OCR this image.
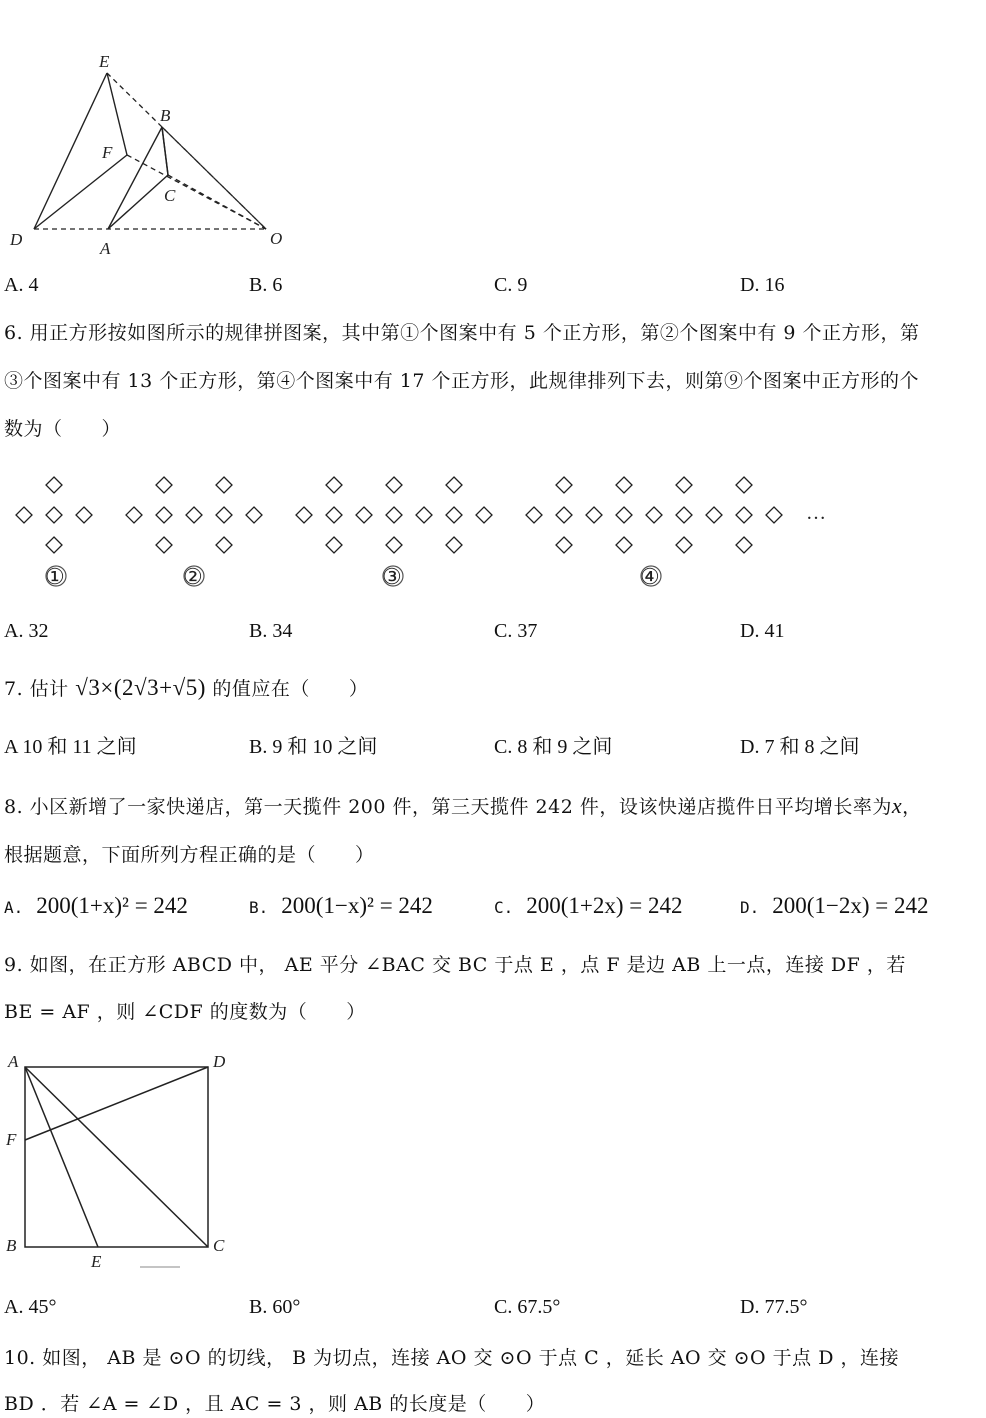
E
B
F
C
D	A
O
A. 4	B. 6	C. 9	D. 16
6. 用正方形按如图所示的规律拼图案，其中第①个图案中有 5 个正方形，第②个图案中有 9 个正方形，第
③个图案中有 13 个正方形，第④个图案中有 17 个正方形，此规律排列下去，则第⑨个图案中正方形的个
数为（　　）
①	②	③	④
…
A. 32	B. 34	C. 37	D. 41
7. 估计 √3×(2√3+√5) 的值应在（　　）
A 10 和 11 之间	B. 9 和 10 之间	C. 8 和 9 之间	D. 7 和 8 之间
8. 小区新增了一家快递店，第一天揽件 200 件，第三天揽件 242 件，设该快递店揽件日平均增长率为x，
根据题意，下面所列方程正确的是（　　）
A. 200(1+x)² = 242	B. 200(1−x)² = 242	C. 200(1+2x) = 242	D. 200(1−2x) = 242
9. 如图，在正方形 ABCD 中， AE 平分 ∠BAC 交 BC 于点 E ，点 F 是边 AB 上一点，连接 DF ，若
BE = AF ，则 ∠CDF 的度数为（　　）
A	D
F
B
E
C
A. 45°	B. 60°	C. 67.5°	D. 77.5°
10. 如图， AB 是 ⊙O 的切线， B 为切点，连接 AO 交 ⊙O 于点 C ，延长 AO 交 ⊙O 于点 D ，连接
BD ．若 ∠A = ∠D ，且 AC = 3 ，则 AB 的长度是（　　）
